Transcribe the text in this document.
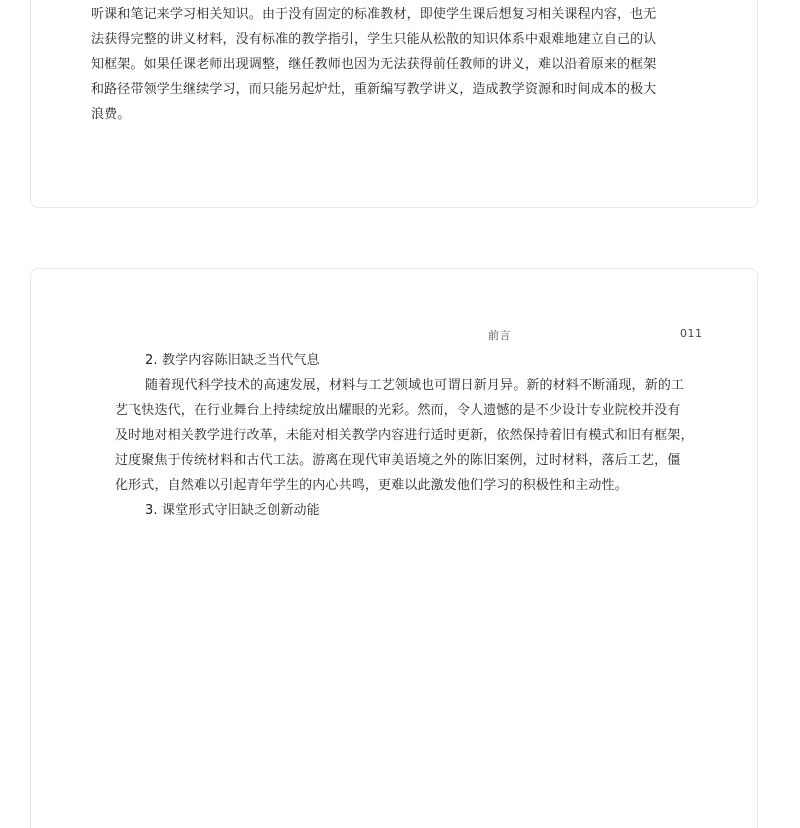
听课和笔记来学习相关知识。由于没有固定的标准教材，即使学生课后想复习相关课程内容，也无
法获得完整的讲义材料，没有标准的教学指引，学生只能从松散的知识体系中艰难地建立自己的认
知框架。如果任课老师出现调整，继任教师也因为无法获得前任教师的讲义，难以沿着原来的框架
和路径带领学生继续学习，而只能另起炉灶，重新编写教学讲义，造成教学资源和时间成本的极大
浪费。
前言	011
2. 教学内容陈旧缺乏当代气息
随着现代科学技术的高速发展，材料与工艺领域也可谓日新月异。新的材料不断涌现，新的工
艺飞快迭代，在行业舞台上持续绽放出耀眼的光彩。然而，令人遗憾的是不少设计专业院校并没有
及时地对相关教学进行改革，未能对相关教学内容进行适时更新，依然保持着旧有模式和旧有框架，
过度聚焦于传统材料和古代工法。游离在现代审美语境之外的陈旧案例，过时材料，落后工艺，僵
化形式，自然难以引起青年学生的内心共鸣，更难以此激发他们学习的积极性和主动性。
3. 课堂形式守旧缺乏创新动能
